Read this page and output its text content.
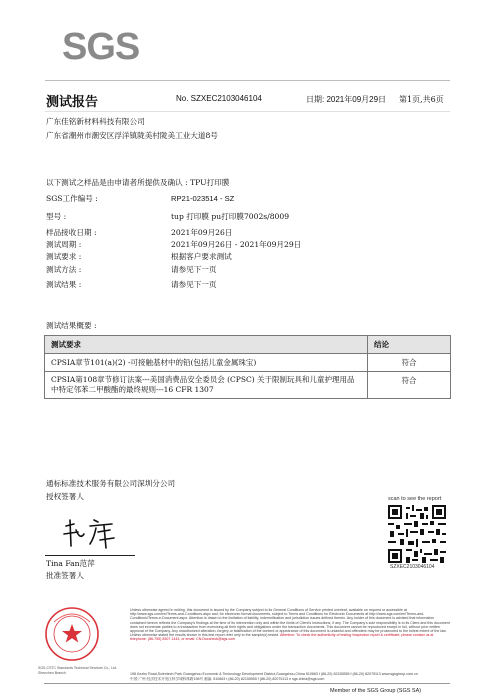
SGS
测试报告	No. SZXEC2103046104	日期: 2021年09月29日 第1页,共6页
广东佳铭新材料科技有限公司
广东省潮州市潮安区浮洋镇陇美村陇美工业大道8号
以下测试之样品是由申请者所提供及确认 : TPU打印膜
SGS工作编号 :	RP21-023514 - SZ
型号 :	tup 打印膜 pu打印膜7002s/8009
样品接收日期 :	2021年09月26日
测试周期 :	2021年09月26日 - 2021年09月29日
测试要求 :	根据客户要求测试
测试方法 :	请参见下一页
测试结果 :	请参见下一页
测试结果概要 :
测试要求	结论
CPSIA章节101(a)(2) -可接触基材中的铅(包括儿童金属珠宝)	符合
CPSIA第108章节修订法案---美国消费品安全委员会 (CPSC) 关于限制玩具和儿童护理用品中特定邻苯二甲酸酯的最终规则---16 CFR 1307	符合
通标标准技术服务有限公司深圳分公司
授权签署人
Tina Fan范萍
批准签署人
scan to see the report
SZXEC2103046104
SGS-CSTC Standards Technical Services Co., Ltd. Shenzhen Branch
Unless otherwise agreed in writing, this document is issued by the Company subject to its General Conditions of Service printed overleaf, available on request or accessible at http://www.sgs.com/en/Terms-and-Conditions.aspx and, for electronic format documents, subject to Terms and Conditions for Electronic Documents at http://www.sgs.com/en/Terms-and-Conditions/Terms-e-Document.aspx. Attention is drawn to the limitation of liability, indemnification and jurisdiction issues defined therein. Any holder of this document is advised that information contained hereon reflects the Company's findings at the time of its intervention only and within the limits of Client's instructions, if any. The Company's sole responsibility is to its Client and this document does not exonerate parties to a transaction from exercising all their rights and obligations under the transaction documents. This document cannot be reproduced except in full, without prior written approval of the Company. Any unauthorized alteration, forgery or falsification of the content or appearance of this document is unlawful and offenders may be prosecuted to the fullest extent of the law. Unless otherwise stated the results shown in this test report refer only to the sample(s) tested. Attention: To check the authenticity of testing /inspection report & certificate, please contact us at telephone: (86-755) 8307 1443, or email: CN.Doccheck@sgs.com
198 Kezhu Road,Scientech Park Guangzhou Economic & Technology Development District,Guangzhou,China 510663 t (86-20) 82155555 f (86-20) 82075113 www.sgsgroup.com.cn
中国·广州·经济技术开发区科学城科珠路198号 邮编: 510663 t (86-20) 82155555 f (86-20) 82075113 e sgs.china@sgs.com
Member of the SGS Group (SGS SA)
